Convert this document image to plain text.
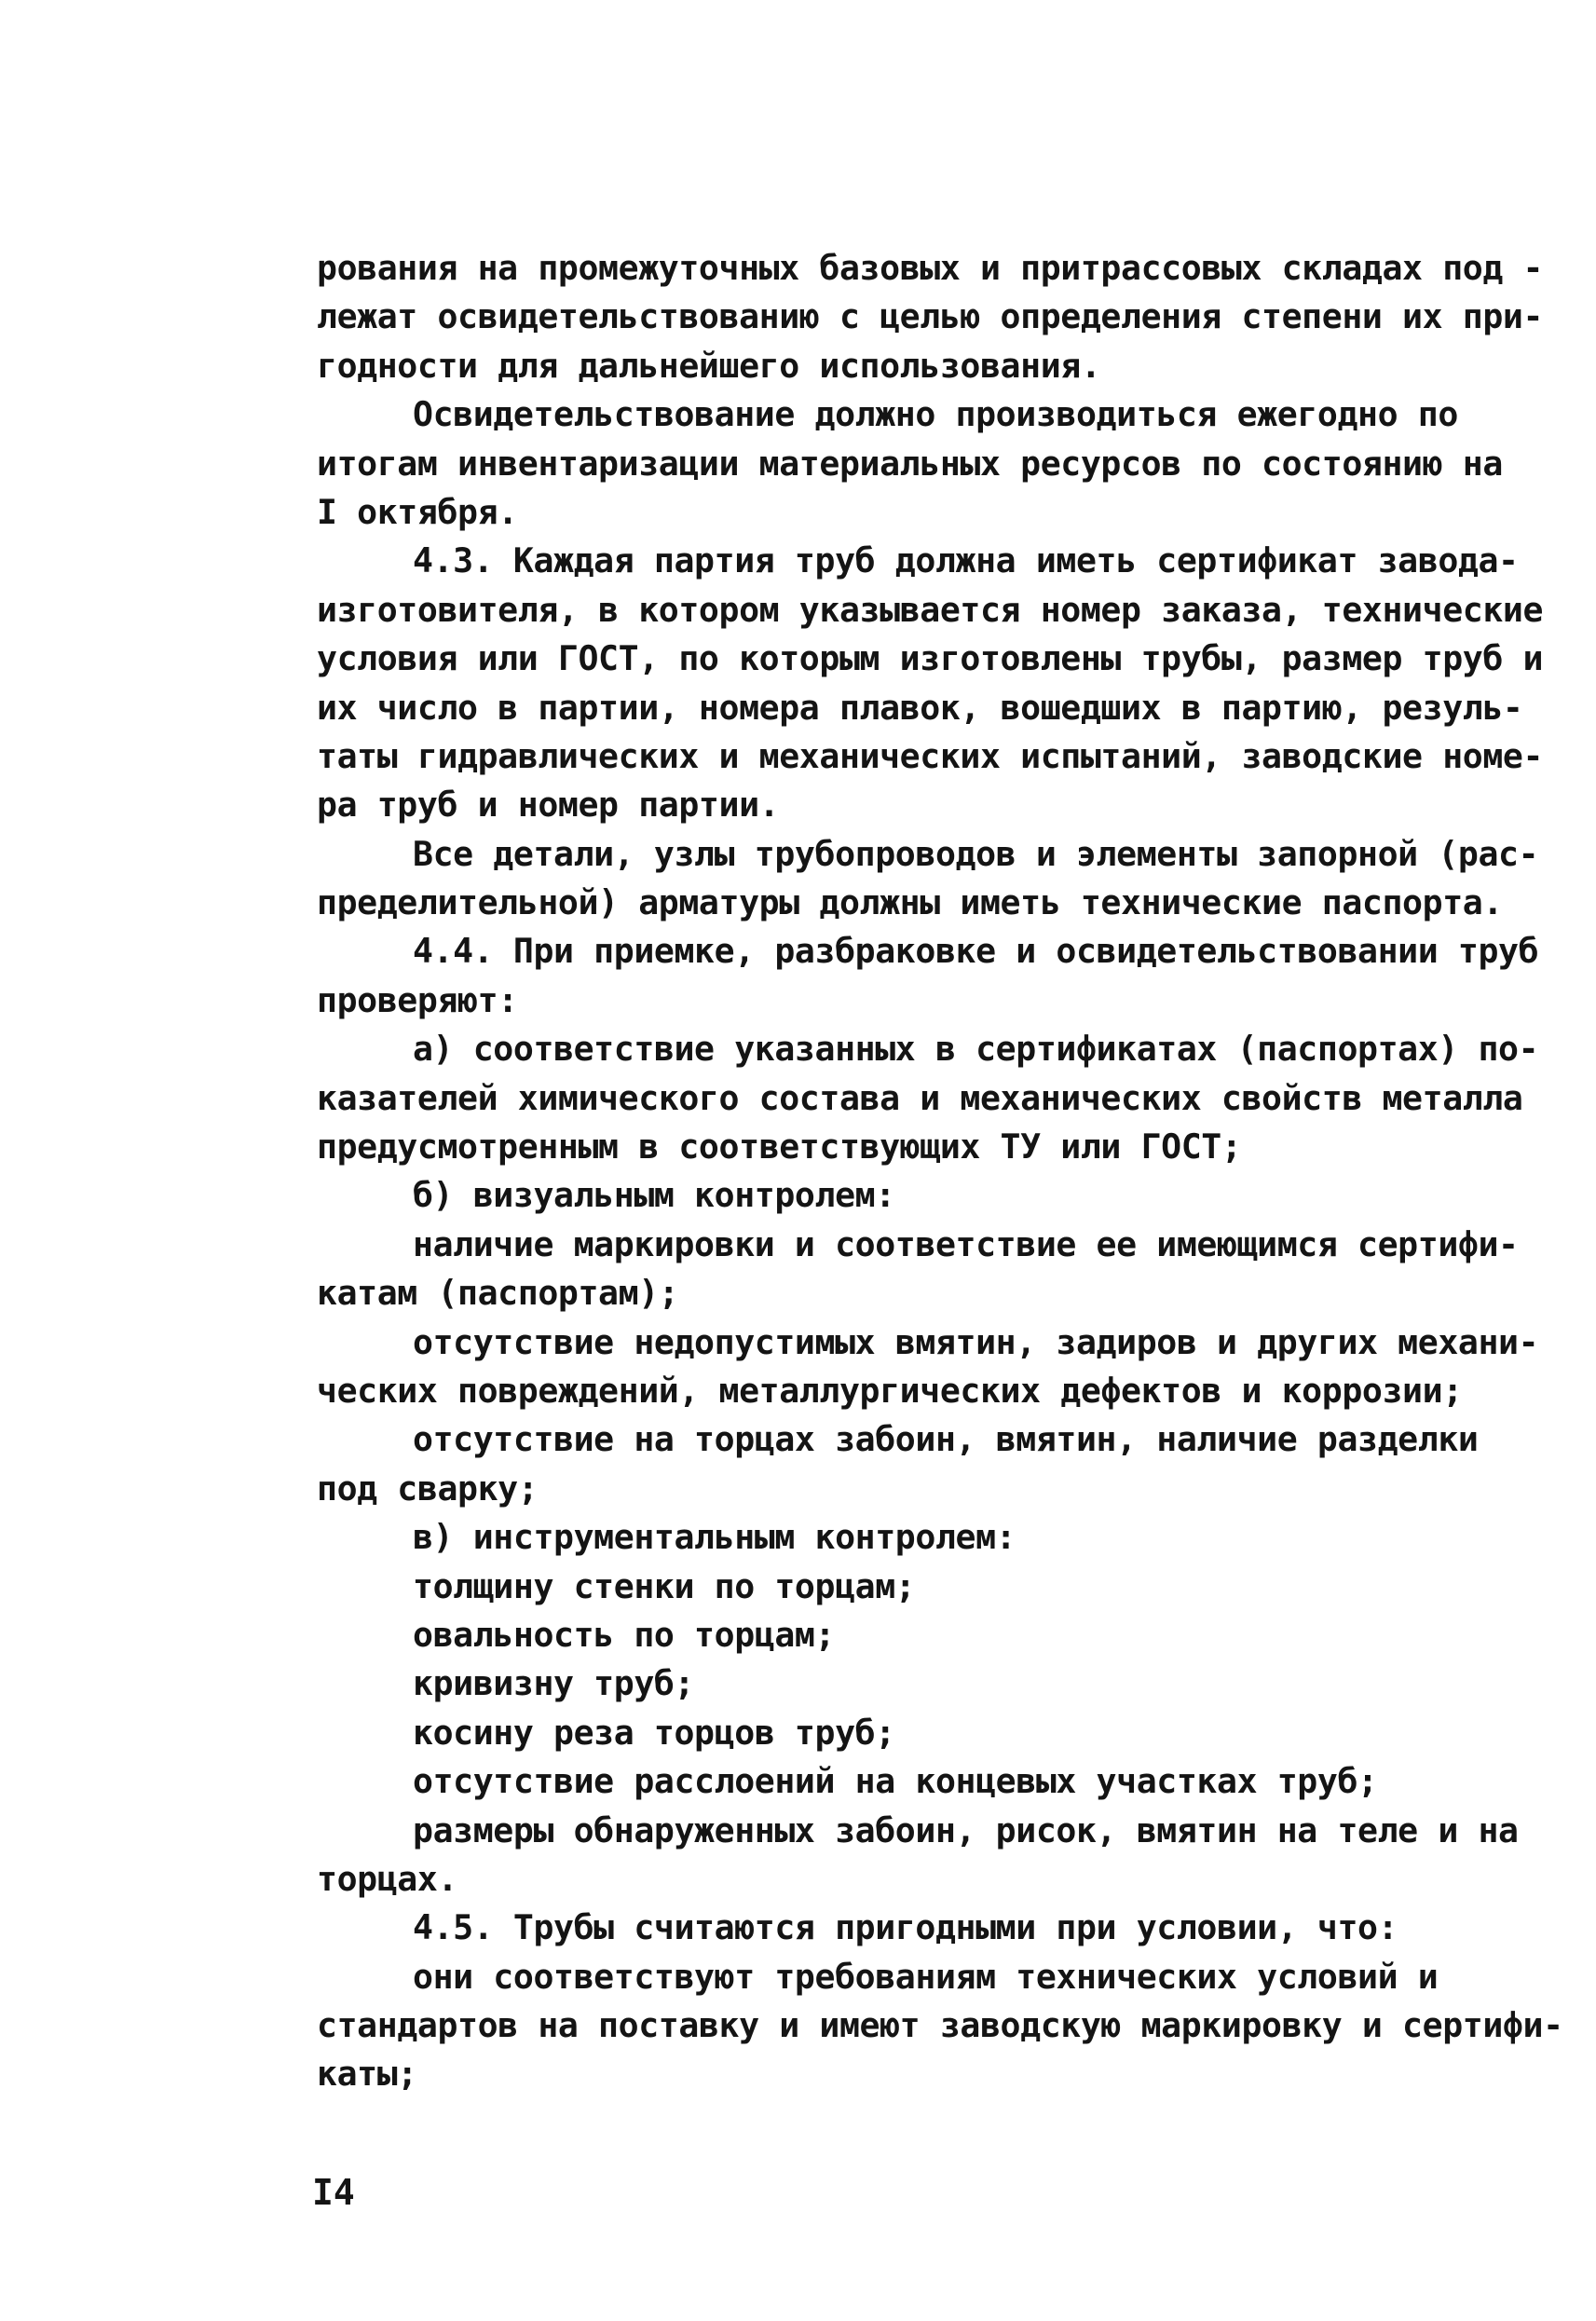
рования на промежуточных базовых и притрассовых складах под -
лежат освидетельствованию с целью определения степени их при-
годности для дальнейшего использования.
Освидетельствование должно производиться ежегодно по
итогам инвентаризации материальных ресурсов по состоянию на
I октября.
4.3. Каждая партия труб должна иметь сертификат завода-
изготовителя, в котором указывается номер заказа, технические
условия или ГОСТ, по которым изготовлены трубы, размер труб и
их число в партии, номера плавок, вошедших в партию, резуль-
таты гидравлических и механических испытаний, заводские номе-
ра труб и номер партии.
Все детали, узлы трубопроводов и элементы запорной (рас-
пределительной) арматуры должны иметь технические паспорта.
4.4. При приемке, разбраковке и освидетельствовании труб
проверяют:
а) соответствие указанных в сертификатах (паспортах) по-
казателей химического состава и механических свойств металла
предусмотренным в соответствующих ТУ или ГОСТ;
б) визуальным контролем:
наличие маркировки и соответствие ее имеющимся сертифи-
катам (паспортам);
отсутствие недопустимых вмятин, задиров и других механи-
ческих повреждений, металлургических дефектов и коррозии;
отсутствие на торцах забоин, вмятин, наличие разделки
под сварку;
в) инструментальным контролем:
толщину стенки по торцам;
овальность по торцам;
кривизну труб;
косину реза торцов труб;
отсутствие расслоений на концевых участках труб;
размеры обнаруженных забоин, рисок, вмятин на теле и на
торцах.
4.5. Трубы считаются пригодными при условии, что:
они соответствуют требованиям технических условий и
стандартов на поставку и имеют заводскую маркировку и сертифи-
каты;
I4
